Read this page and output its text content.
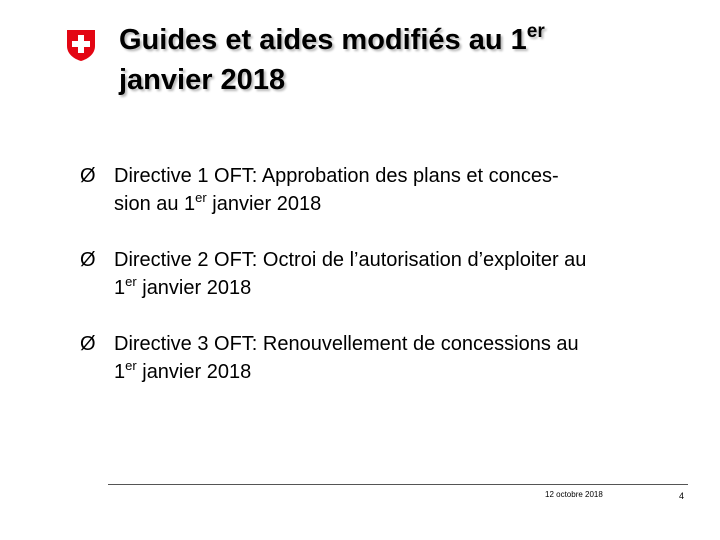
Guides et aides modifiés au 1er
janvier 2018
Ø Directive 1 OFT: Approbation des plans et conces-
sion au 1er janvier 2018
Ø Directive 2 OFT: Octroi de l’autorisation d’exploiter au
1er janvier 2018
Ø Directive 3 OFT: Renouvellement de concessions au
1er janvier 2018
12 octobre 2018	4
